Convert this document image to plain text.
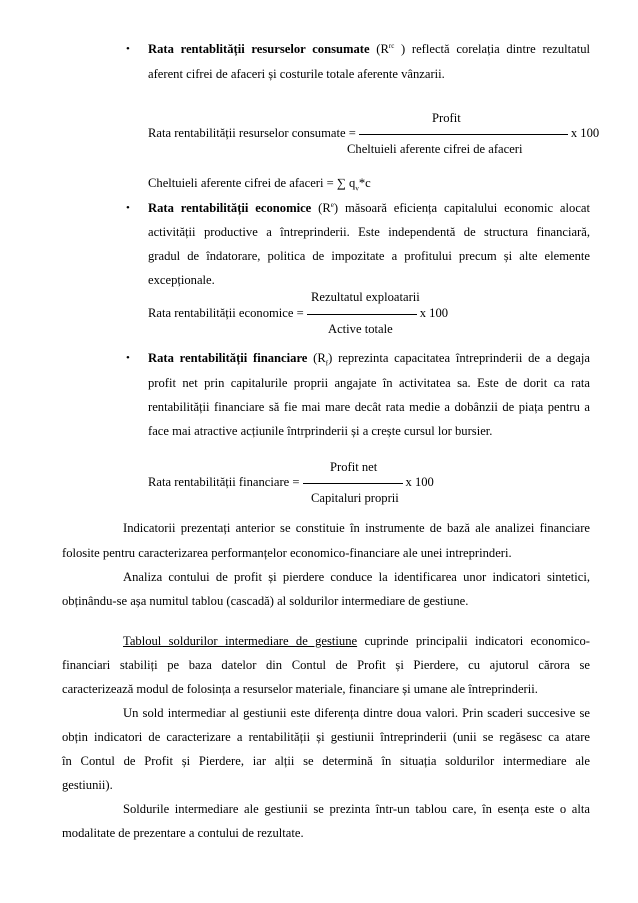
• Rata rentablității resurselor consumate ($R^{rc}$ ) reflectă corelația dintre rezultatul
aferent cifrei de afaceri și costurile totale aferente vânzarii.
Profit
Rata rentabilității resurselor consumate =	x 100
Cheltuieli aferente cifrei de afaceri
Cheltuieli aferente cifrei de afaceri = ∑ $q_v*c$
• Rata rentabilității economice $(R^e)$ măsoară eficiența capitalului economic alocat
activității productive a întreprinderii. Este independentă de structura financiară,
gradul de îndatorare, politica de impozitate a profitului precum și alte elemente
excepționale.
Rezultatul exploatarii
Rata rentabilității economice =	x 100
Active totale
• Rata rentabilității financiare $(R_f)$ reprezinta capacitatea întreprinderii de a degaja
profit net prin capitalurile proprii angajate în activitatea sa. Este de dorit ca rata
rentabilității financiare să fie mai mare decât rata medie a dobânzii de piața pentru a
face mai atractive acțiunile întrprinderii și a crește cursul lor bursier.
Profit net
Rata rentabilității financiare =	x 100
Capitaluri proprii
Indicatorii prezentați anterior se constituie în instrumente de bază ale analizei financiare
folosite pentru caracterizarea performanțelor economico-financiare ale unei intreprinderi.
Analiza contului de profit și pierdere conduce la identificarea unor indicatori sintetici,
obținându-se așa numitul tablou (cascadă) al soldurilor intermediare de gestiune.
Tabloul soldurilor intermediare de gestiune cuprinde principalii indicatori economico-
financiari stabiliți pe baza datelor din Contul de Profit și Pierdere, cu ajutorul cărora se
caracterizează modul de folosința a resurselor materiale, financiare și umane ale întreprinderii.
Un sold intermediar al gestiunii este diferența dintre doua valori. Prin scaderi succesive se
obțin indicatori de caracterizare a rentabilității și gestiunii întreprinderii (unii se regăsesc ca atare
în Contul de Profit și Pierdere, iar alții se determină în situația soldurilor intermediare ale
gestiunii).
Soldurile intermediare ale gestiunii se prezinta într-un tablou care, în esența este o alta
modalitate de prezentare a contului de rezultate.
